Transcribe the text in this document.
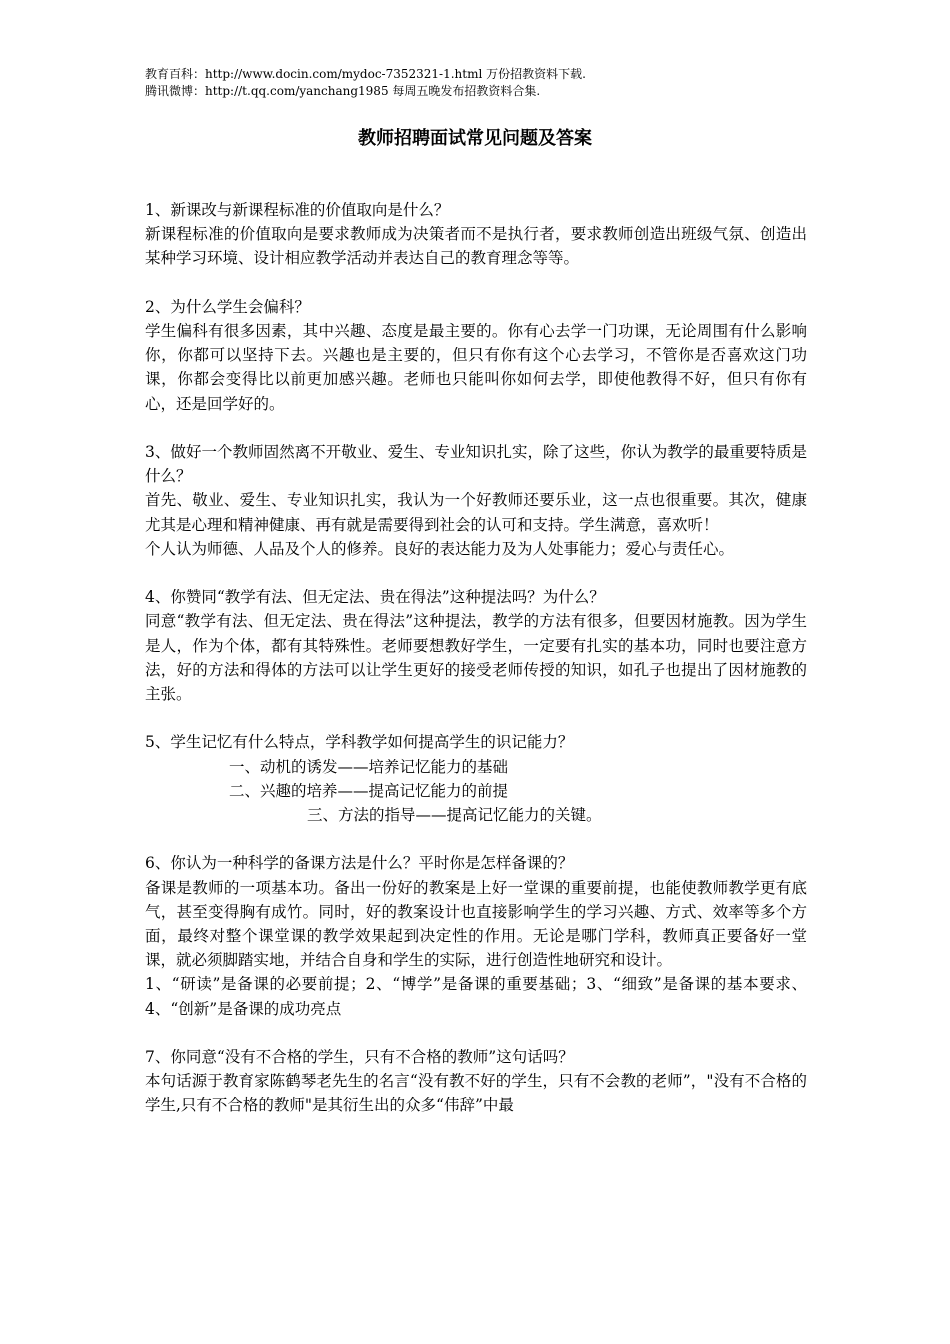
教育百科：http://www.docin.com/mydoc-7352321-1.html 万份招教资料下载.
腾讯微博：http://t.qq.com/yanchang1985 每周五晚发布招教资料合集.
教师招聘面试常见问题及答案

1、新课改与新课程标准的价值取向是什么？

新课程标准的价值取向是要求教师成为决策者而不是执行者，要求教师创造出班级气氛、创造出某种学习环境、设计相应教学活动并表达自己的教育理念等等。

2、为什么学生会偏科？

学生偏科有很多因素，其中兴趣、态度是最主要的。你有心去学一门功课，无论周围有什么影响你，你都可以坚持下去。兴趣也是主要的，但只有你有这个心去学习，不管你是否喜欢这门功课，你都会变得比以前更加感兴趣。老师也只能叫你如何去学，即使他教得不好，但只有你有心，还是回学好的。

3、做好一个教师固然离不开敬业、爱生、专业知识扎实，除了这些，你认为教学的最重要特质是什么？

首先、敬业、爱生、专业知识扎实，我认为一个好教师还要乐业，这一点也很重要。其次，健康尤其是心理和精神健康、再有就是需要得到社会的认可和支持。学生满意，喜欢听！

个人认为师德、人品及个人的修养。良好的表达能力及为人处事能力；爱心与责任心。

4、你赞同“教学有法、但无定法、贵在得法”这种提法吗？为什么？

同意“教学有法、但无定法、贵在得法”这种提法，教学的方法有很多，但要因材施教。因为学生是人，作为个体，都有其特殊性。老师要想教好学生，一定要有扎实的基本功，同时也要注意方法，好的方法和得体的方法可以让学生更好的接受老师传授的知识，如孔子也提出了因材施教的主张。

5、学生记忆有什么特点，学科教学如何提高学生的识记能力？

一、动机的诱发——培养记忆能力的基础

二、兴趣的培养——提高记忆能力的前提

三、方法的指导——提高记忆能力的关键。

6、你认为一种科学的备课方法是什么？平时你是怎样备课的？

备课是教师的一项基本功。备出一份好的教案是上好一堂课的重要前提，也能使教师教学更有底气，甚至变得胸有成竹。同时，好的教案设计也直接影响学生的学习兴趣、方式、效率等多个方面，最终对整个课堂课的教学效果起到决定性的作用。无论是哪门学科，教师真正要备好一堂课，就必须脚踏实地，并结合自身和学生的实际，进行创造性地研究和设计。

1、“研读”是备课的必要前提；2、“博学”是备课的重要基础；3、“细致”是备课的基本要求、4、“创新”是备课的成功亮点

7、你同意“没有不合格的学生，只有不合格的教师”这句话吗？

本句话源于教育家陈鹤琴老先生的名言“没有教不好的学生，只有不会教的老师”，"没有不合格的学生,只有不合格的教师"是其衍生出的众多“伟辞”中最
